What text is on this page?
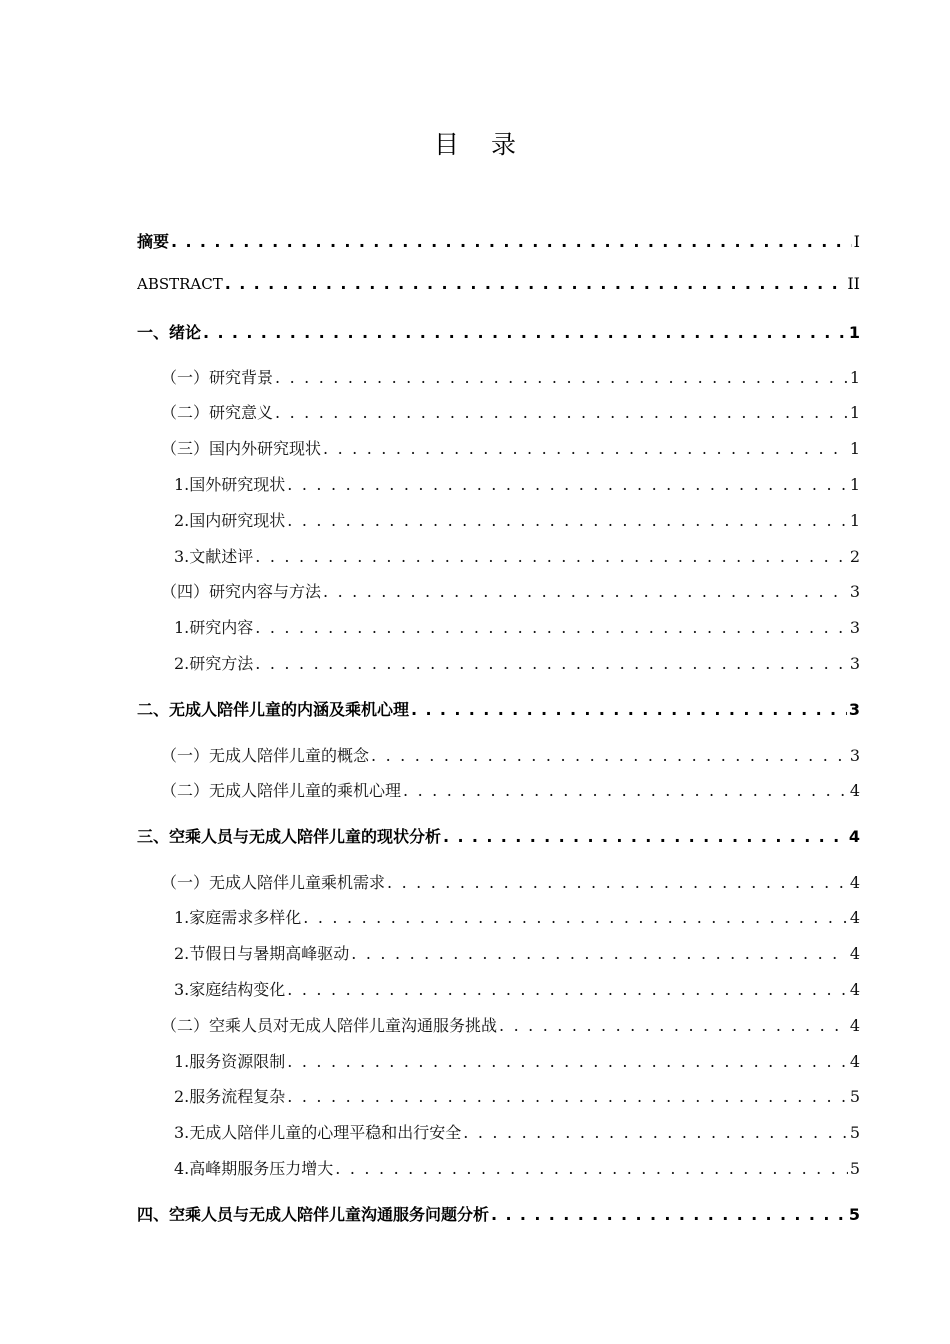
目 录
摘要 . . .	I
ABSTRACT . . .	II
一、绪论 . . .	1
（一）研究背景 . . .	1
（二）研究意义 . . .	1
（三）国内外研究现状 . . .	1
1.国外研究现状 . . .	1
2.国内研究现状 . . .	1
3.文献述评 . . .	2
（四）研究内容与方法 . . .	3
1.研究内容 . . .	3
2.研究方法 . . .	3
二、无成人陪伴儿童的内涵及乘机心理 . . .	3
（一）无成人陪伴儿童的概念 . . .	3
（二）无成人陪伴儿童的乘机心理 . . .	4
三、空乘人员与无成人陪伴儿童的现状分析 . . .	4
（一）无成人陪伴儿童乘机需求 . . .	4
1.家庭需求多样化 . . .	4
2.节假日与暑期高峰驱动 . . .	4
3.家庭结构变化 . . .	4
（二）空乘人员对无成人陪伴儿童沟通服务挑战 . . .	4
1.服务资源限制 . . .	4
2.服务流程复杂 . . .	5
3.无成人陪伴儿童的心理平稳和出行安全 . . .	5
4.高峰期服务压力增大 . . .	5
四、空乘人员与无成人陪伴儿童沟通服务问题分析 . . .	5
